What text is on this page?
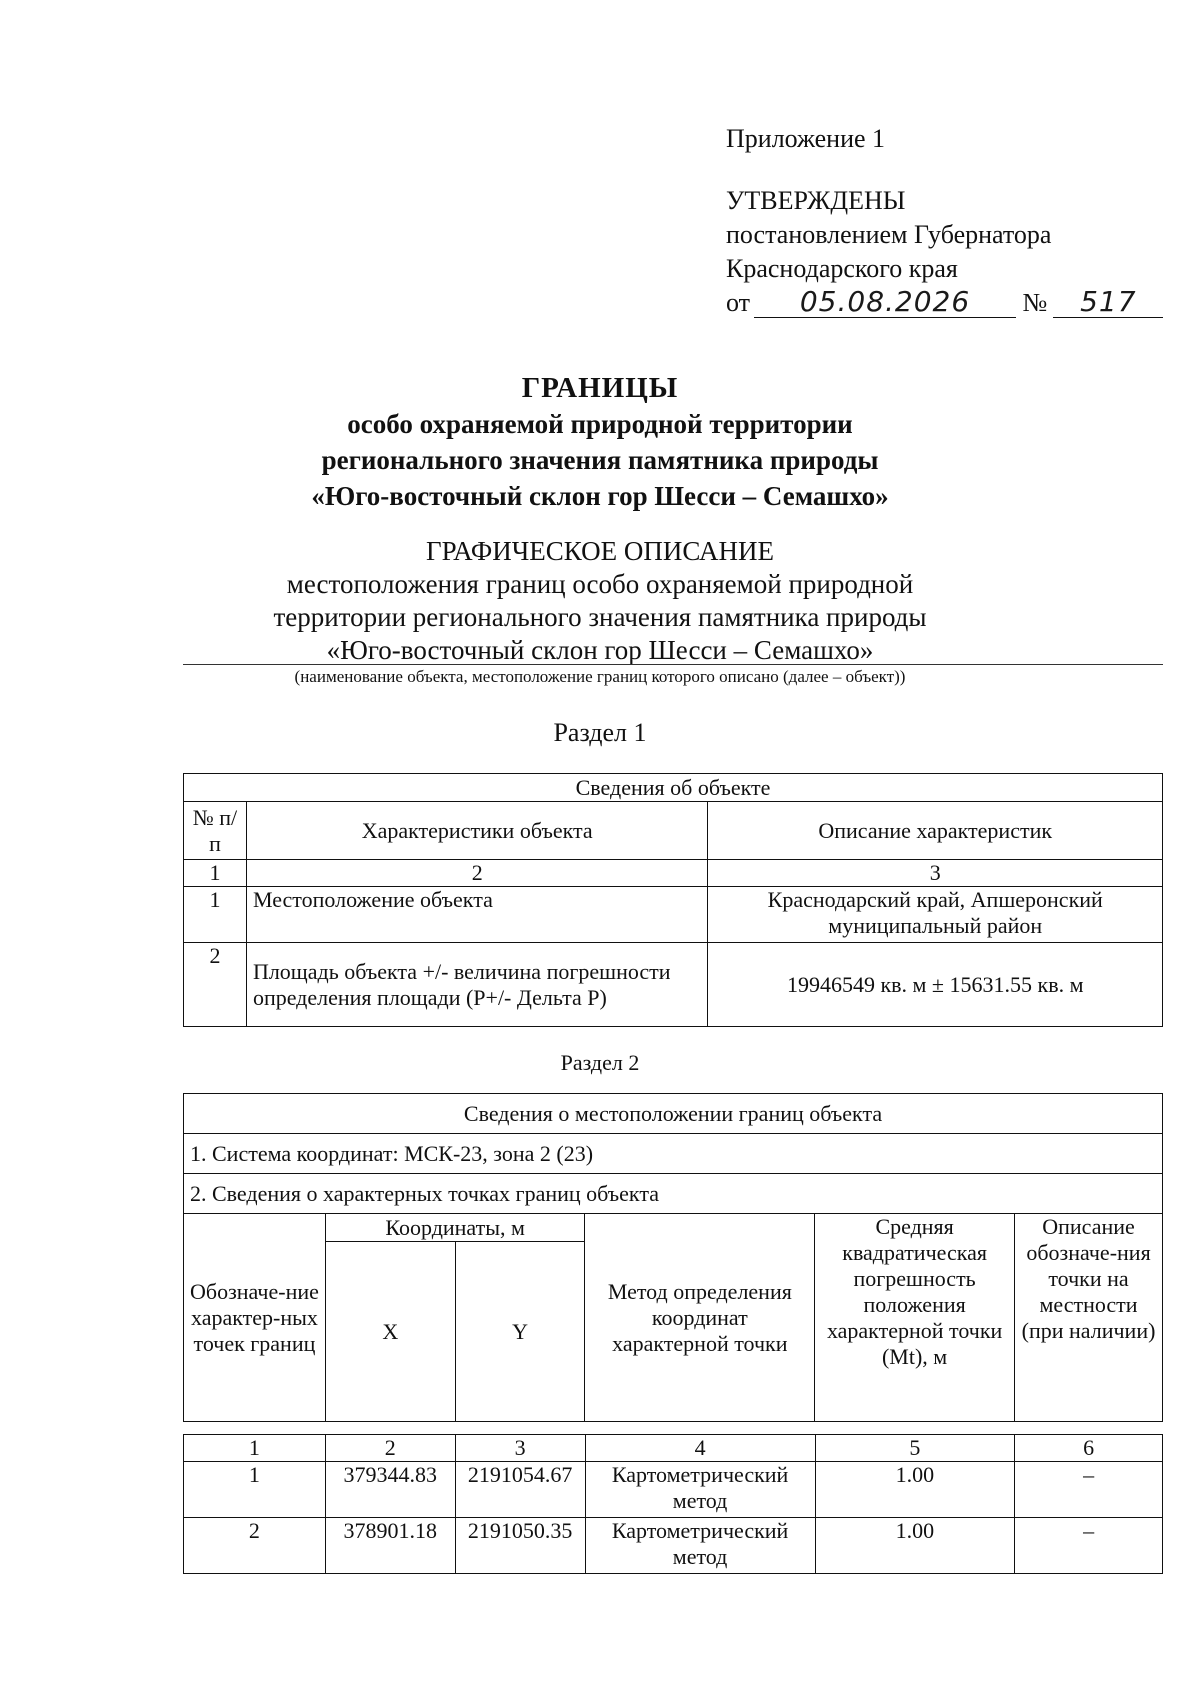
Приложение 1
УТВЕРЖДЕНЫ
постановлением Губернатора
Краснодарского края
от 05.08.2026 № 517
ГРАНИЦЫ
особо охраняемой природной территории
регионального значения памятника природы
«Юго-восточный склон гор Шесси – Семашхо»
ГРАФИЧЕСКОЕ ОПИСАНИЕ
местоположения границ особо охраняемой природной
территории регионального значения памятника природы
«Юго-восточный склон гор Шесси – Семашхо»
(наименование объекта, местоположение границ которого описано (далее – объект))
Раздел 1
Сведения об объекте		
№ п/п	Характеристики объекта	Описание характеристик
1	2	3
1	Местоположение объекта	Краснодарский край, Апшеронский муниципальный район
2	Площадь объекта +/- величина погрешности определения площади (P+/- Дельта P)	19946549 кв. м ± 15631.55 кв. м
Раздел 2
Сведения о местоположении границ объекта					
1. Система координат: МСК-23, зона 2 (23)					
2. Сведения о характерных точках границ объекта					
Обозначе-ние характер-ных точек границ	Координаты, м		Метод определения координат характерной точки	Средняя квадратическая погрешность положения характерной точки (Mt), м	Описание обозначе-ния точки на местности (при наличии)
	X	Y			
1	2	3	4	5	6
1	379344.83	2191054.67	Картометрический метод	1.00	–
2	378901.18	2191050.35	Картометрический метод	1.00	–
